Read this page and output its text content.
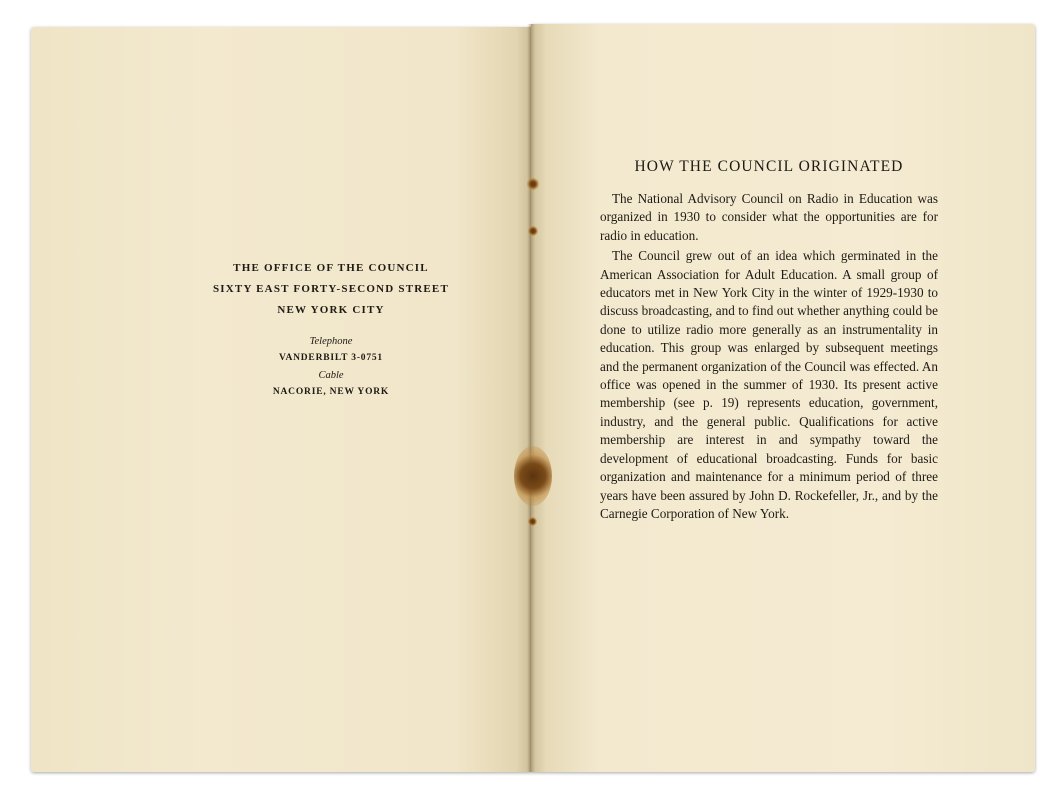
THE OFFICE OF THE COUNCIL

SIXTY EAST FORTY-SECOND STREET

NEW YORK CITY

Telephone

VANDERBILT 3-0751

Cable

NACORIE, NEW YORK

HOW THE COUNCIL ORIGINATED

The National Advisory Council on Radio in Education was organized in 1930 to consider what the opportunities are for radio in education.

The Council grew out of an idea which germinated in the American Association for Adult Education. A small group of educators met in New York City in the winter of 1929-1930 to discuss broadcasting, and to find out whether anything could be done to utilize radio more generally as an instrumentality in education. This group was enlarged by subsequent meetings and the permanent organization of the Council was effected. An office was opened in the summer of 1930. Its present active membership (see p. 19) represents education, government, industry, and the general public. Qualifications for active membership are interest in and sympathy toward the development of educational broadcasting. Funds for basic organization and maintenance for a minimum period of three years have been assured by John D. Rockefeller, Jr., and by the Carnegie Corporation of New York.
